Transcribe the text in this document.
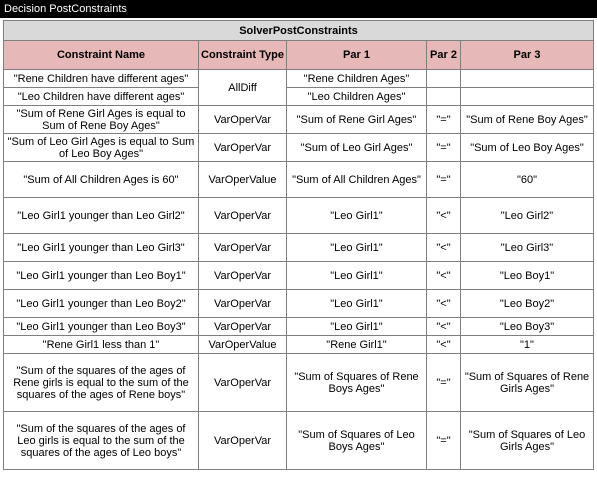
Decision PostConstraints
SolverPostConstraints				
Constraint Name	Constraint Type	Par 1	Par 2	Par 3
"Rene Children have different ages"	AllDiff	"Rene Children Ages"		
"Leo Children have different ages"		"Leo Children Ages"		
"Sum of Rene Girl Ages is equal to Sum of Rene Boy Ages"	VarOperVar	"Sum of Rene Girl Ages"	"="	"Sum of Rene Boy Ages"
"Sum of Leo Girl Ages is equal to Sum of Leo Boy Ages"	VarOperVar	"Sum of Leo Girl Ages"	"="	"Sum of Leo Boy Ages"
"Sum of All Children Ages is 60"	VarOperValue	"Sum of All Children Ages"	"="	"60"
"Leo Girl1 younger than Leo Girl2"	VarOperVar	"Leo Girl1"	"<"	"Leo Girl2"
"Leo Girl1 younger than Leo Girl3"	VarOperVar	"Leo Girl1"	"<"	"Leo Girl3"
"Leo Girl1 younger than Leo Boy1"	VarOperVar	"Leo Girl1"	"<"	"Leo Boy1"
"Leo Girl1 younger than Leo Boy2"	VarOperVar	"Leo Girl1"	"<"	"Leo Boy2"
"Leo Girl1 younger than Leo Boy3"	VarOperVar	"Leo Girl1"	"<"	"Leo Boy3"
"Rene Girl1 less than 1"	VarOperValue	"Rene Girl1"	"<"	"1"
"Sum of the squares of the ages of Rene girls is equal to the sum of the squares of the ages of Rene boys"	VarOperVar	"Sum of Squares of Rene Boys Ages"	"="	"Sum of Squares of Rene Girls Ages"
"Sum of the squares of the ages of Leo girls is equal to the sum of the squares of the ages of Leo boys"	VarOperVar	"Sum of Squares of Leo Boys Ages"	"="	"Sum of Squares of Leo Girls Ages"
